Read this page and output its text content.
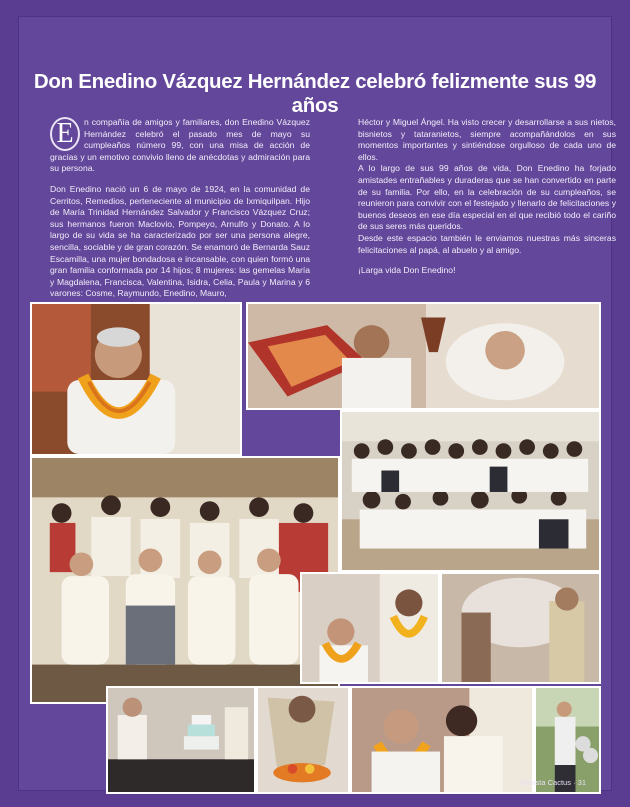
Don Enedino Vázquez Hernández celebró felizmente sus 99 años

E	n compañía de amigos y familiares, don Enedino Vázquez Hernández celebró el pasado mes de mayo su cumpleaños número 99, con una misa de acción de gracias y un emotivo convivio lleno de anécdotas y admiración para su persona.

Don Enedino nació un 6 de mayo de 1924, en la comunidad de Cerritos, Remedios, perteneciente al municipio de Ixmiquilpan. Hijo de María Trinidad Hernández Salvador y Francisco Vázquez Cruz; sus hermanos fueron Maclovio, Pompeyo, Arnulfo y Donato. A lo largo de su vida se ha caracterizado por ser una persona alegre, sencilla, sociable y de gran corazón. Se enamoró de Bernarda Sauz Escamilla, una mujer bondadosa e incansable, con quien formó una gran familia conformada por 14 hijos; 8 mujeres: las gemelas María y Magdalena, Francisca, Valentina, Isidra, Celia, Paula y Marina y 6 varones: Cosme, Raymundo, Enedino, Mauro,

Héctor y Miguel Ángel. Ha visto crecer y desarrollarse a sus nietos, bisnietos y tataranietos, siempre acompañándolos en sus momentos importantes y sintiéndose orgulloso de cada uno de ellos.

A lo largo de sus 99 años de vida, Don Enedino ha forjado amistades entrañables y duraderas que se han convertido en parte de su familia. Por ello, en la celebración de su cumpleaños, se reunieron para convivir con el festejado y llenarlo de felicitaciones y buenos deseos en ese día especial en el que recibió todo el cariño de sus seres más queridos.

Desde este espacio también le enviamos nuestras más sinceras felicitaciones al papá, al abuelo y al amigo.

¡Larga vida Don Enedino!

Revista Cactus · 31
